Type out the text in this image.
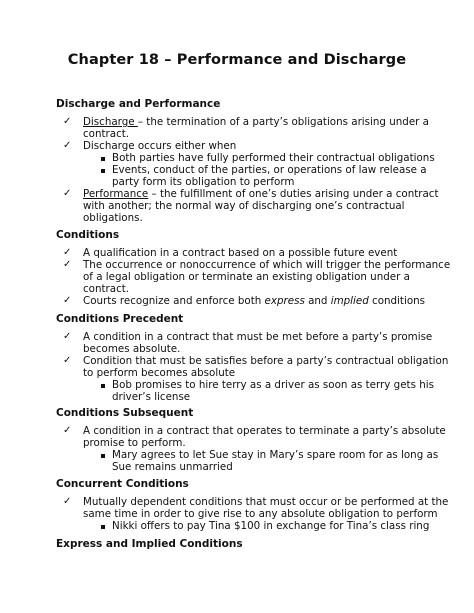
Chapter 18 – Performance and Discharge
Discharge and Performance
✓ Discharge – the termination of a party’s obligations arising under a
contract.
✓ Discharge occurs either when
Both parties have fully performed their contractual obligations
Events, conduct of the parties, or operations of law release a
party form its obligation to perform
✓ Performance – the fulfillment of one’s duties arising under a contract
with another; the normal way of discharging one’s contractual
obligations.
Conditions
✓ A qualification in a contract based on a possible future event
✓ The occurrence or nonoccurrence of which will trigger the performance
of a legal obligation or terminate an existing obligation under a
contract.
✓ Courts recognize and enforce both express and implied conditions
Conditions Precedent
✓ A condition in a contract that must be met before a party’s promise
becomes absolute.
✓ Condition that must be satisfies before a party’s contractual obligation
to perform becomes absolute
Bob promises to hire terry as a driver as soon as terry gets his
driver’s license
Conditions Subsequent
✓ A condition in a contract that operates to terminate a party’s absolute
promise to perform.
Mary agrees to let Sue stay in Mary’s spare room for as long as
Sue remains unmarried
Concurrent Conditions
✓ Mutually dependent conditions that must occur or be performed at the
same time in order to give rise to any absolute obligation to perform
Nikki offers to pay Tina $100 in exchange for Tina’s class ring
Express and Implied Conditions
